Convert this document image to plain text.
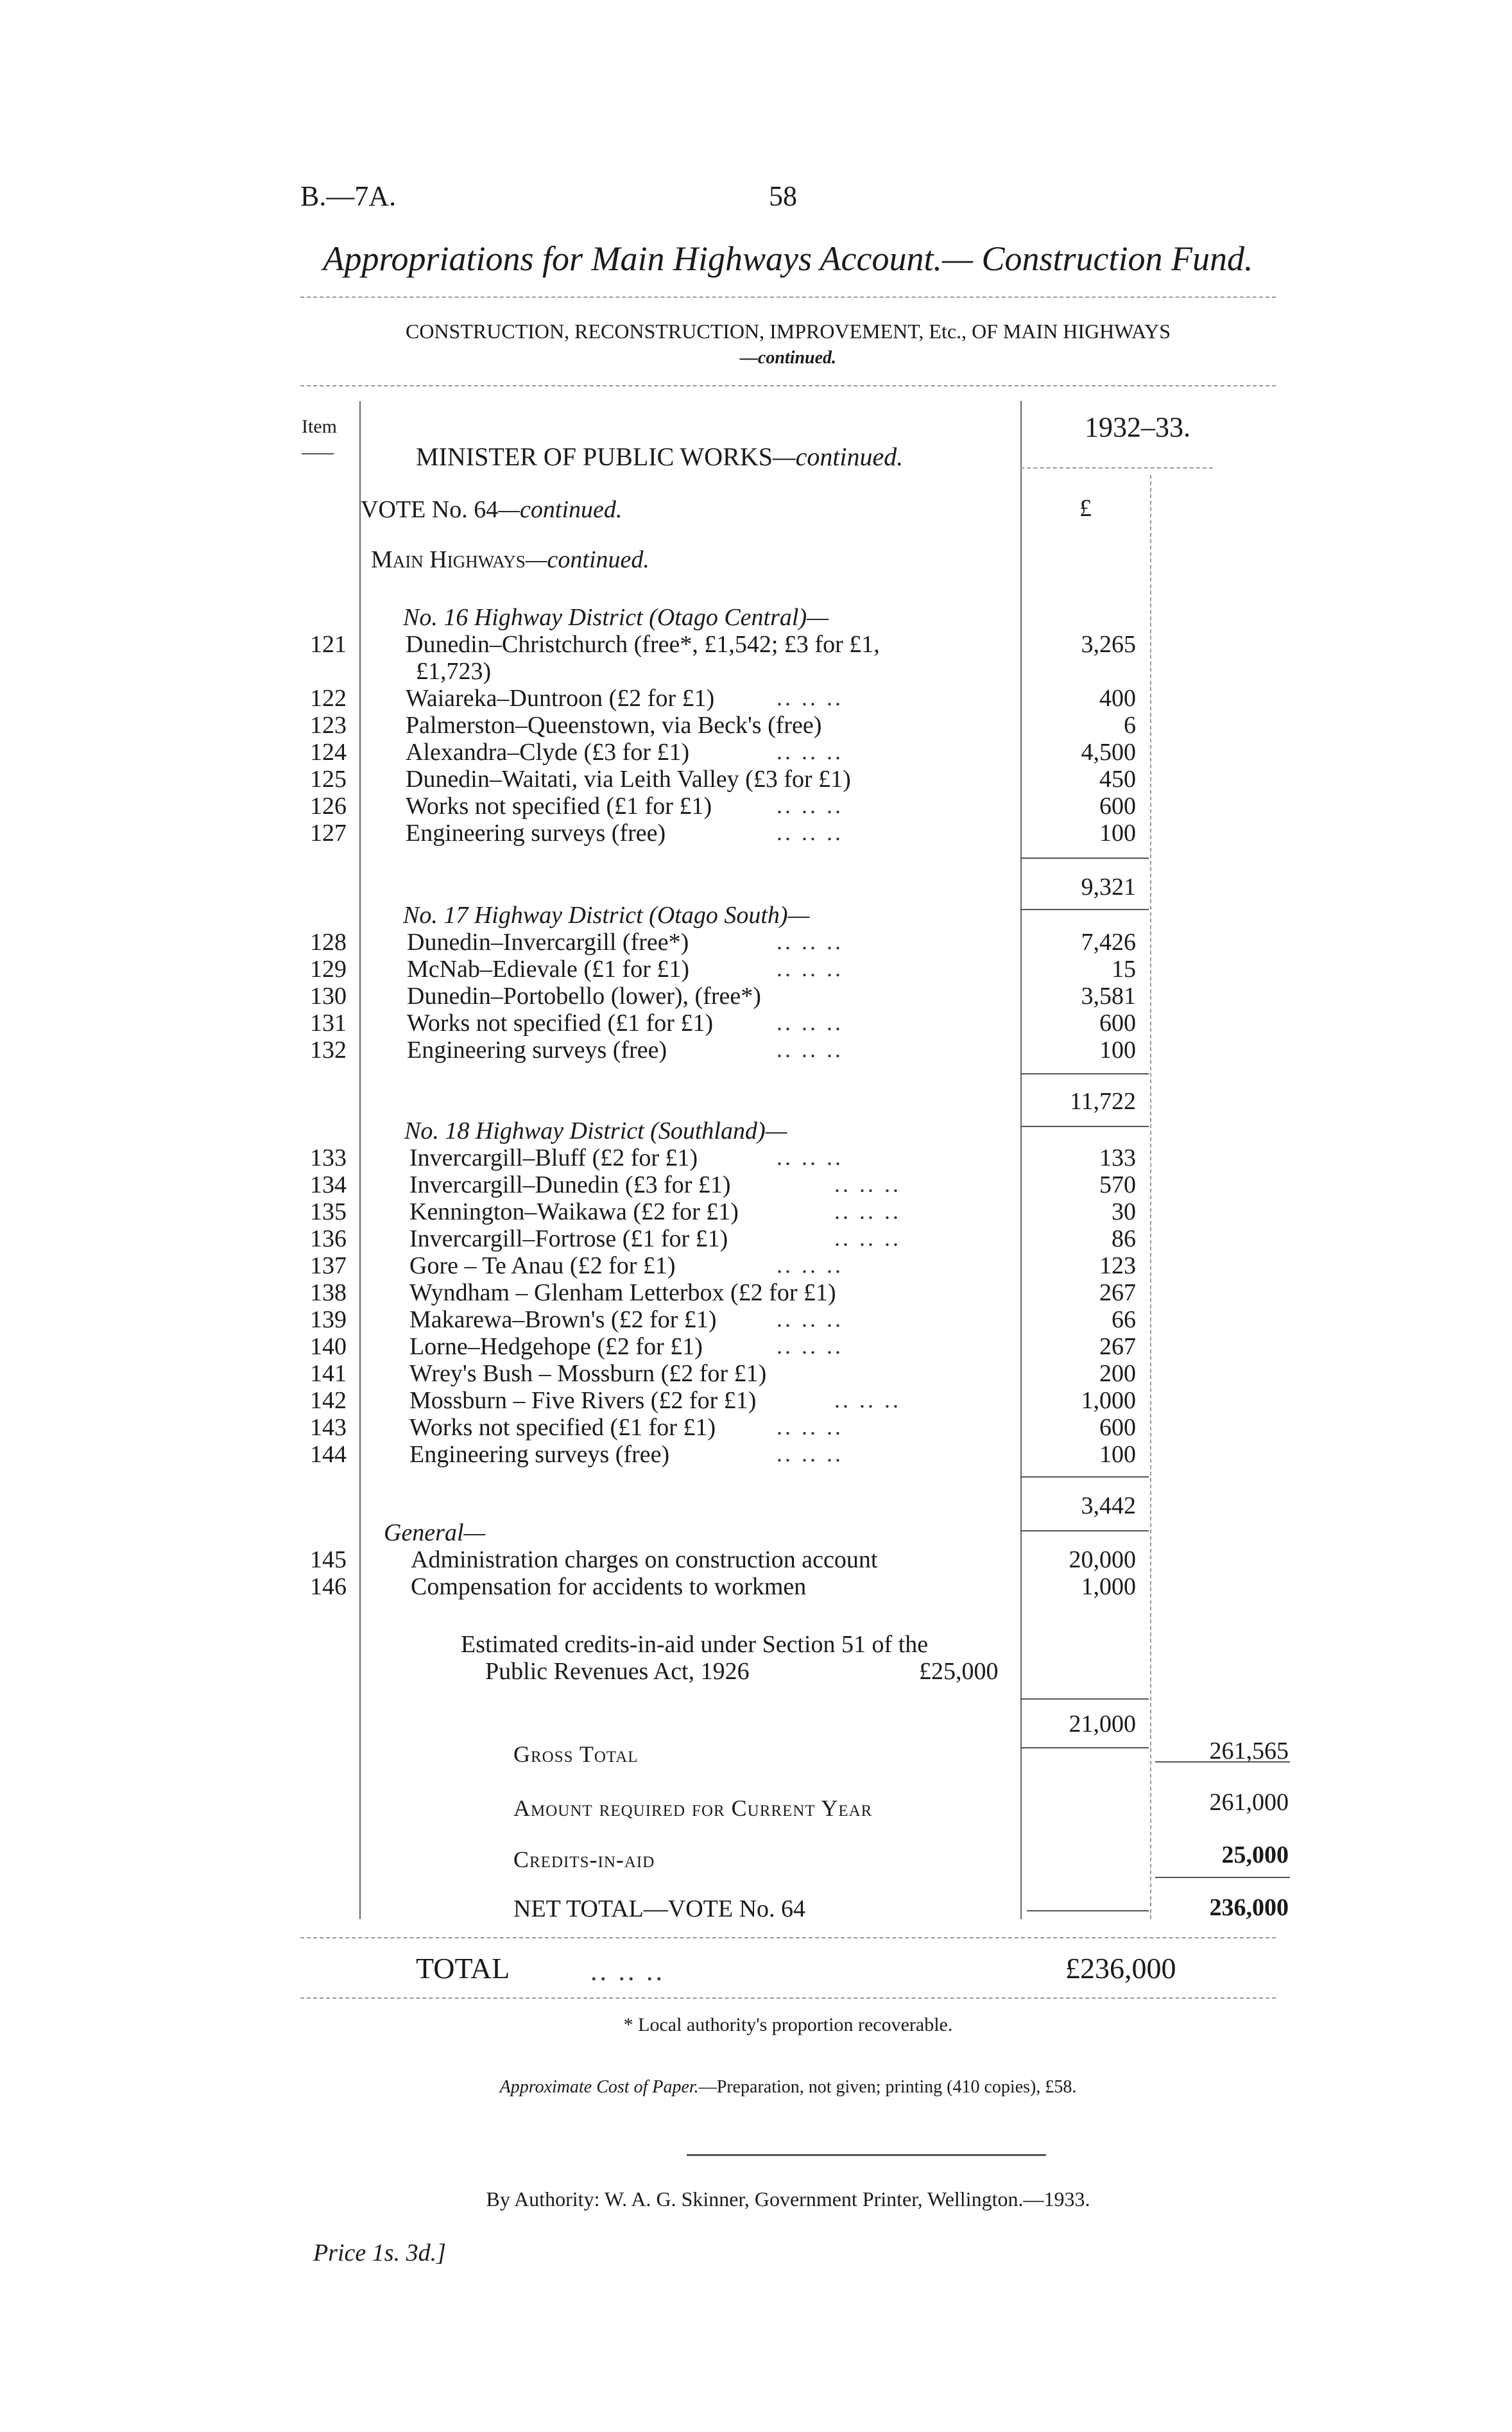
B.—7A.	58
Appropriations for Main Highways Account.— Construction Fund.
CONSTRUCTION, RECONSTRUCTION, IMPROVEMENT, Etc., OF MAIN HIGHWAYS
—continued.
Item
MINISTER OF PUBLIC WORKS—continued.
1932–33.
£
VOTE No. 64—continued.
Main Highways—continued.
No. 16 Highway District (Otago Central)—
121 Dunedin–Christchurch (free*, £1,542; £3 for £1,
£1,723)
3,265
122 Waiareka–Duntroon (£2 for £1)	.. .. ..	400
123 Palmerston–Queenstown, via Beck's (free)	6
124 Alexandra–Clyde (£3 for £1)	.. .. ..	4,500
125 Dunedin–Waitati, via Leith Valley (£3 for £1)	450
126 Works not specified (£1 for £1)	.. .. ..	600
127 Engineering surveys (free)	.. .. ..	100
9,321
No. 17 Highway District (Otago South)—
128 Dunedin–Invercargill (free*)	.. .. ..	7,426
129 McNab–Edievale (£1 for £1)	.. .. ..	15
130 Dunedin–Portobello (lower), (free*)	3,581
131 Works not specified (£1 for £1)	.. .. ..	600
132 Engineering surveys (free)	.. .. ..	100
11,722
No. 18 Highway District (Southland)—
133	Invercargill–Bluff (£2 for £1)	.. .. ..	133
134	Invercargill–Dunedin (£3 for £1)	.. .. ..	570
135	Kennington–Waikawa (£2 for £1)	.. .. ..	30
136	Invercargill–Fortrose (£1 for £1)	.. .. ..	86
137	Gore – Te Anau (£2 for £1)	.. .. ..	123
138	Wyndham – Glenham Letterbox (£2 for £1)	267
139	Makarewa–Brown's (£2 for £1)	.. .. ..	66
140	Lorne–Hedgehope (£2 for £1)	.. .. ..	267
141	Wrey's Bush – Mossburn (£2 for £1)	200
142	Mossburn – Five Rivers (£2 for £1)	.. .. ..	1,000
143	Works not specified (£1 for £1)	.. .. ..	600
144	Engineering surveys (free)	.. .. ..	100
3,442
General—
145	Administration charges on construction account	20,000
146	Compensation for accidents to workmen	1,000
Estimated credits-in-aid under Section 51 of the
Public Revenues Act, 1926	£25,000
21,000
Gross Total	261,565
Amount required for Current Year	261,000
Credits-in-aid	25,000
NET TOTAL—VOTE No. 64	236,000
TOTAL	.. .. ..	£236,000
* Local authority's proportion recoverable.
Approximate Cost of Paper.—Preparation, not given; printing (410 copies), £58.
By Authority: W. A. G. Skinner, Government Printer, Wellington.—1933.
Price 1s. 3d.]
